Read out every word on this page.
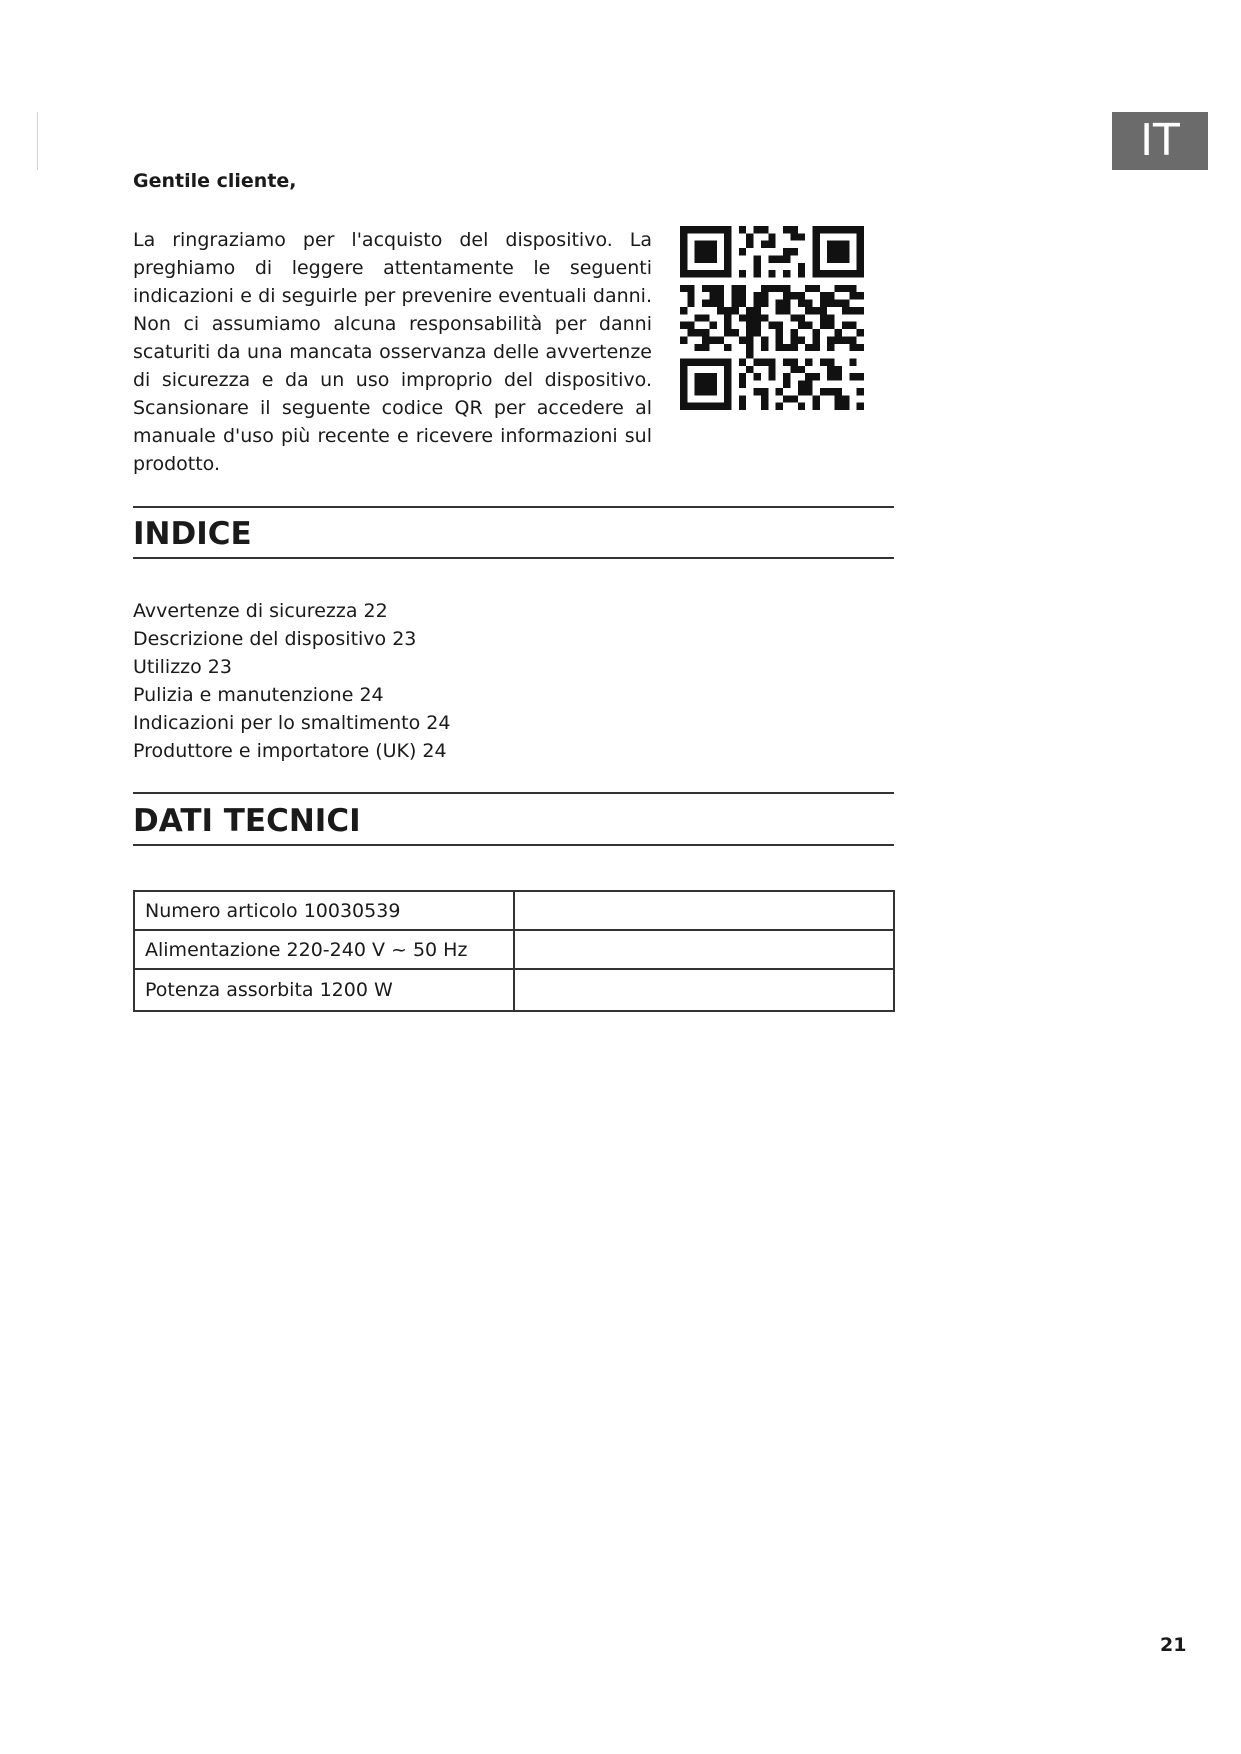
IT
Gentile cliente,

La ringraziamo per l'acquisto del dispositivo. La preghiamo di leggere attentamente le seguenti indicazioni e di seguirle per prevenire eventuali danni. Non ci assumiamo alcuna responsabilità per danni scaturiti da una mancata osservanza delle avvertenze di sicurezza e da un uso improprio del dispositivo. Scansionare il seguente codice QR per accedere al manuale d'uso più recente e ricevere informazioni sul prodotto.

INDICE
Avvertenze di sicurezza 22
Descrizione del dispositivo 23
Utilizzo 23
Pulizia e manutenzione 24
Indicazioni per lo smaltimento 24
Produttore e importatore (UK) 24
DATI TECNICI
Numero articolo 10030539	
Alimentazione 220-240 V ~ 50 Hz	
Potenza assorbita 1200 W	
21
